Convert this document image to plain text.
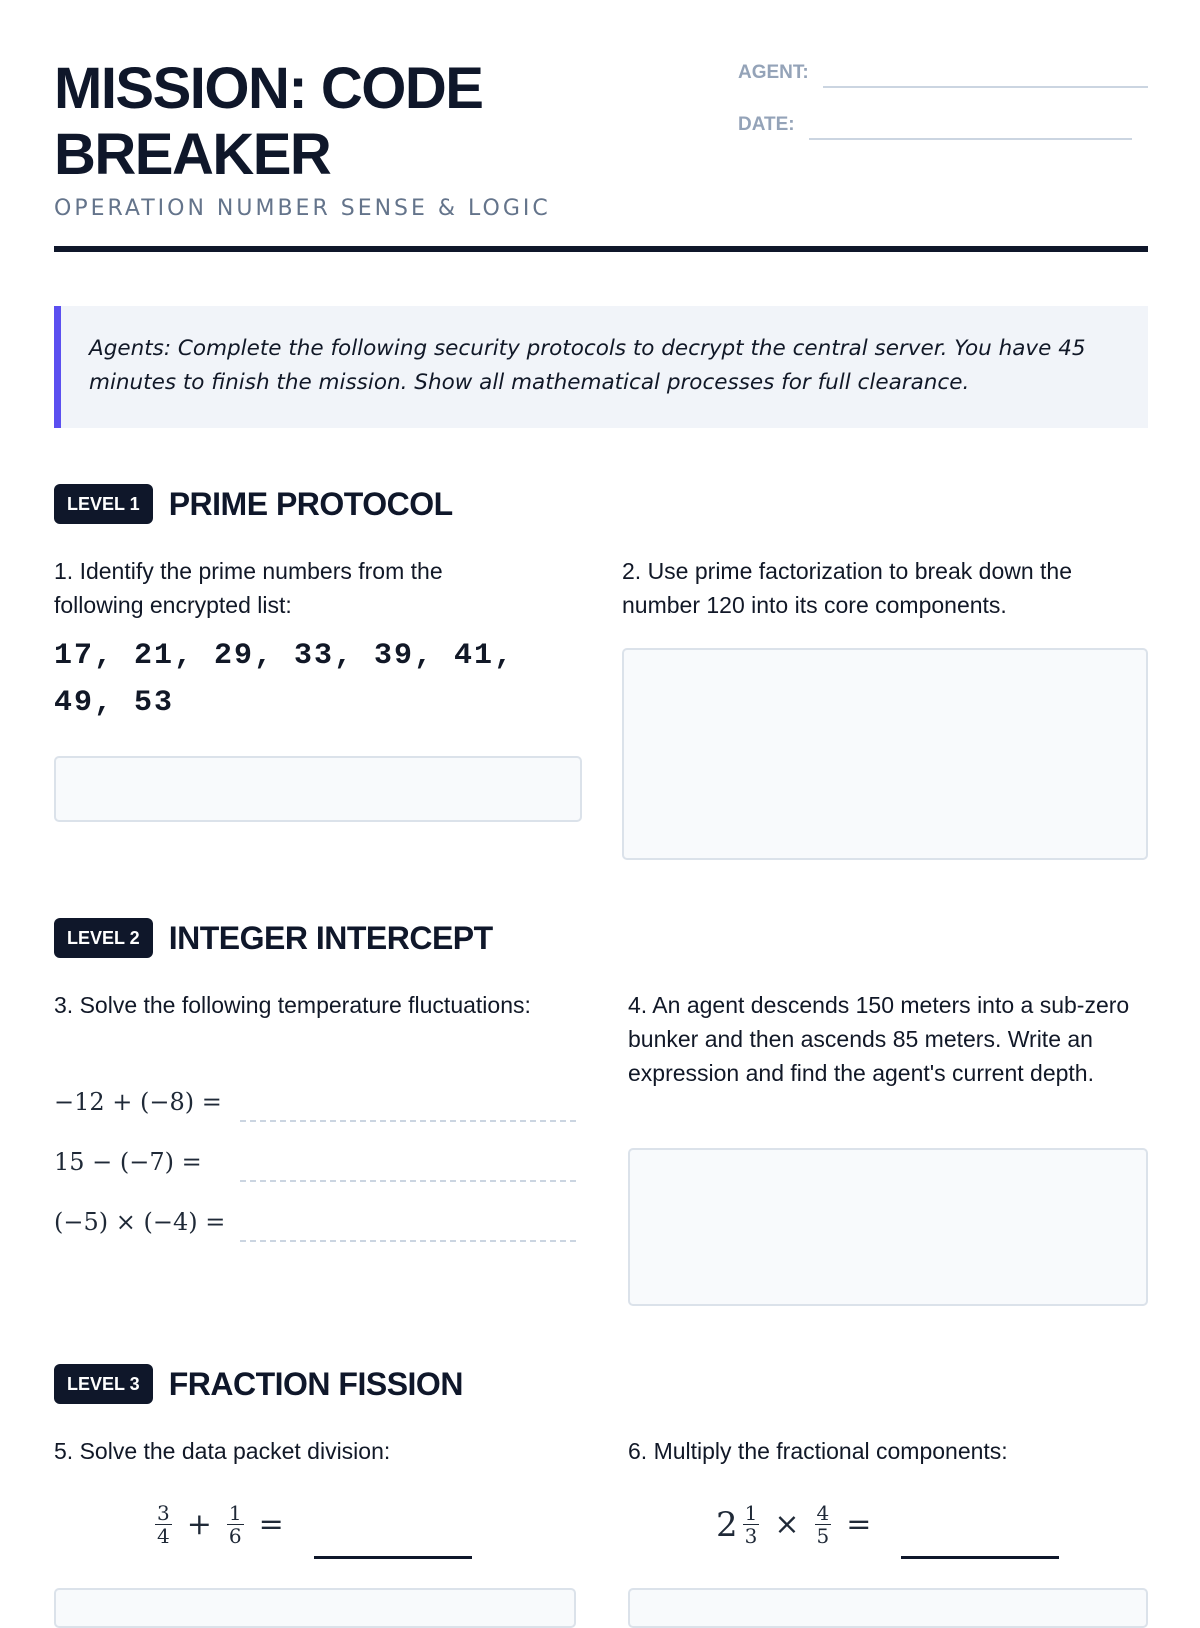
MISSION: CODE
BREAKER
OPERATION NUMBER SENSE & LOGIC
AGENT:
DATE:
Agents: Complete the following security protocols to decrypt the central server. You have 45 minutes to finish the mission. Show all mathematical processes for full clearance.
LEVEL 1 PRIME PROTOCOL
1. Identify the prime numbers from the following encrypted list:
17, 21, 29, 33, 39, 41,
49, 53
2. Use prime factorization to break down the number 120 into its core components.
LEVEL 2 INTEGER INTERCEPT
3. Solve the following temperature fluctuations:
−12 + (−8) =
15 − (−7) =
(−5) × (−4) =
4. An agent descends 150 meters into a sub-zero bunker and then ascends 85 meters. Write an expression and find the agent's current depth.
LEVEL 3 FRACTION FISSION
5. Solve the data packet division:
$\frac{3}{4} + \frac{1}{6}$ =
6. Multiply the fractional components:
$2 \frac{1}{3} \times \frac{4}{5}$ =
